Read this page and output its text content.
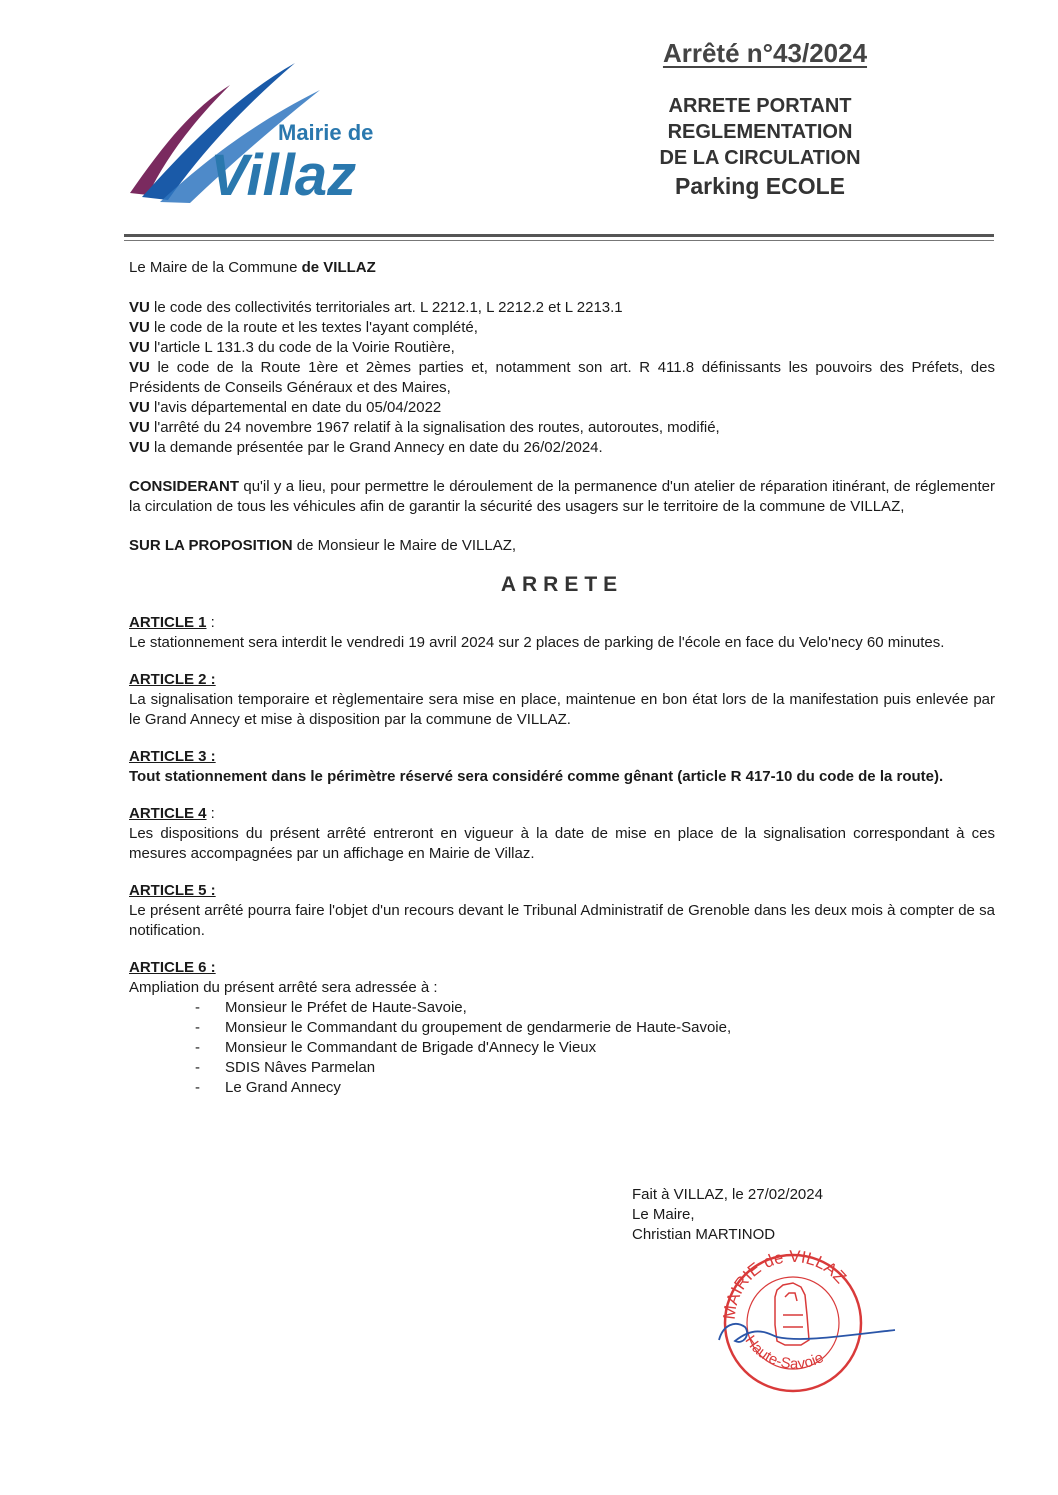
Mairie de
Villaz
Arrêté n°43/2024
ARRETE PORTANT
REGLEMENTATION
DE LA CIRCULATION
Parking ECOLE

Le Maire de la Commune de VILLAZ

VU le code des collectivités territoriales art. L 2212.1, L 2212.2 et L 2213.1

VU le code de la route et les textes l'ayant complété,

VU l'article L 131.3 du code de la Voirie Routière,

VU le code de la Route 1ère et 2èmes parties et, notamment son art. R 411.8 définissants les pouvoirs des Préfets, des Présidents de Conseils Généraux et des Maires,

VU l'avis départemental en date du 05/04/2022

VU l'arrêté du 24 novembre 1967 relatif à la signalisation des routes, autoroutes, modifié,

VU la demande présentée par le Grand Annecy en date du 26/02/2024.

CONSIDERANT qu'il y a lieu, pour permettre le déroulement de la permanence d'un atelier de réparation itinérant, de réglementer la circulation de tous les véhicules afin de garantir la sécurité des usagers sur le territoire de la commune de VILLAZ,

SUR LA PROPOSITION de Monsieur le Maire de VILLAZ,

ARRETE
ARTICLE 1 :
Le stationnement sera interdit le vendredi 19 avril 2024 sur 2 places de parking de l'école en face du Velo'necy 60 minutes.
ARTICLE 2 :
La signalisation temporaire et règlementaire sera mise en place, maintenue en bon état lors de la manifestation puis enlevée par le Grand Annecy et mise à disposition par la commune de VILLAZ.
ARTICLE 3 :
Tout stationnement dans le périmètre réservé sera considéré comme gênant (article R 417-10 du code de la route).
ARTICLE 4 :
Les dispositions du présent arrêté entreront en vigueur à la date de mise en place de la signalisation correspondant à ces mesures accompagnées par un affichage en Mairie de Villaz.
ARTICLE 5 :
Le présent arrêté pourra faire l'objet d'un recours devant le Tribunal Administratif de Grenoble dans les deux mois à compter de sa notification.
ARTICLE 6 :
Ampliation du présent arrêté sera adressée à :
- Monsieur le Préfet de Haute-Savoie,
- Monsieur le Commandant du groupement de gendarmerie de Haute-Savoie,
- Monsieur le Commandant de Brigade d'Annecy le Vieux
- SDIS Nâves Parmelan
- Le Grand Annecy
Fait à VILLAZ, le 27/02/2024
Le Maire,
Christian MARTINOD
MAIRIE de VILLAZ
Haute-Savoie
